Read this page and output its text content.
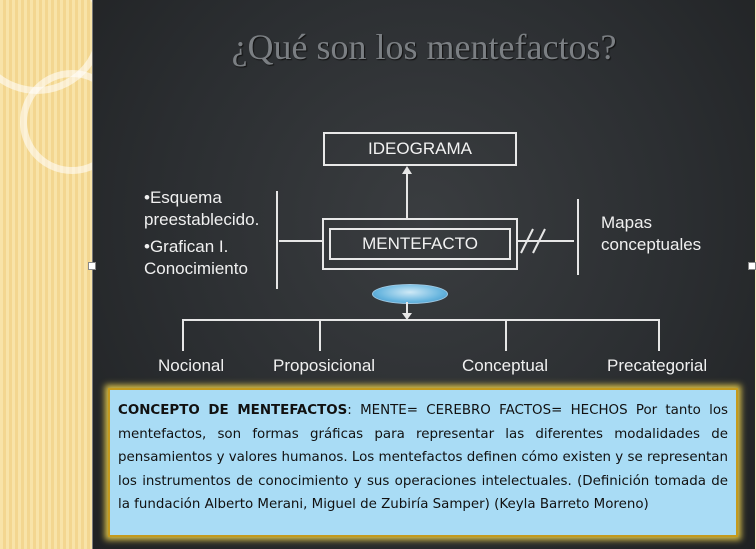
¿Qué son los mentefactos?
IDEOGRAMA
MENTEFACTO
•Esquema
preestablecido.
•Grafican I.
Conocimiento
Mapas
conceptuales
Nocional	Proposicional	Conceptual	Precategorial
CONCEPTO DE MENTEFACTOS: MENTE= CEREBRO FACTOS= HECHOS Por tanto los mentefactos, son formas gráficas para representar las diferentes modalidades de pensamientos y valores humanos. Los mentefactos definen cómo existen y se representan los instrumentos de conocimiento y sus operaciones intelectuales. (Definición tomada de la fundación Alberto Merani, Miguel de Zubiría Samper) (Keyla Barreto Moreno)
